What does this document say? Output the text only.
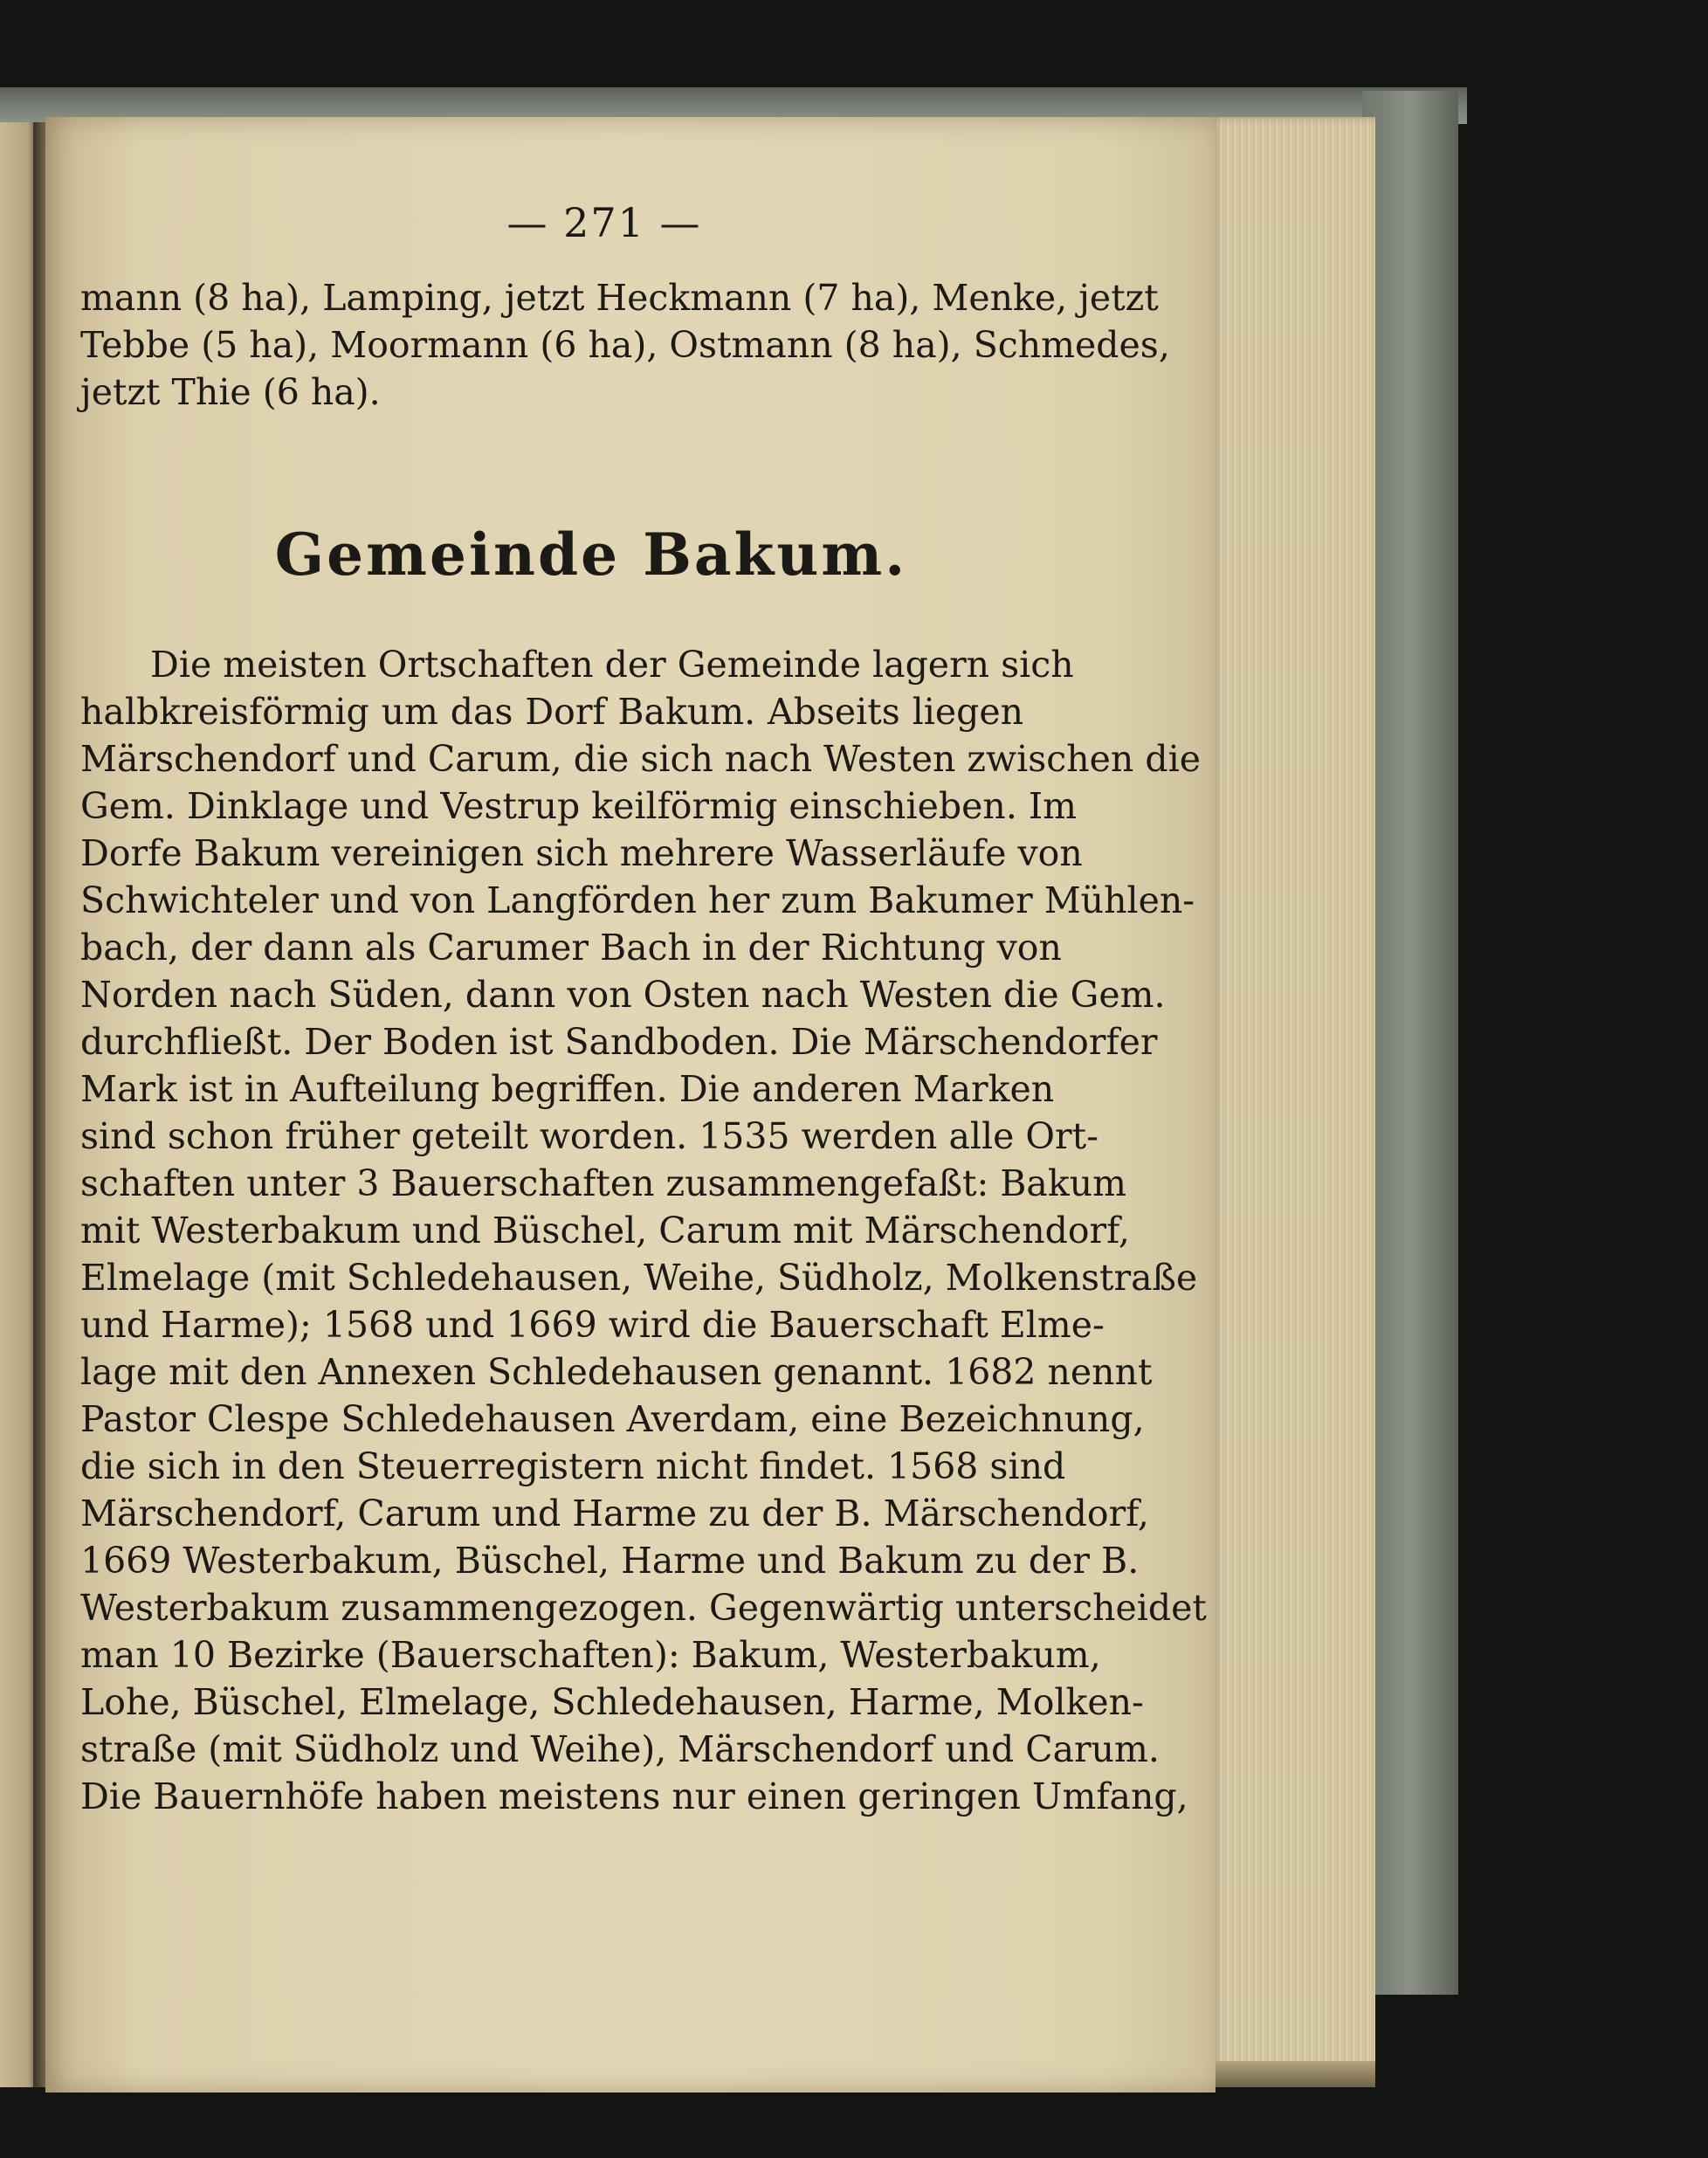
— 271 —
mann (8 ha), Lamping, jetzt Heckmann (7 ha), Menke, jetzt
Tebbe (5 ha), Moormann (6 ha), Ostmann (8 ha), Schmedes,
jetzt Thie (6 ha).
Gemeinde Bakum.
Die meisten Ortschaften der Gemeinde lagern sich
halbkreisförmig um das Dorf Bakum. Abseits liegen
Märschendorf und Carum, die sich nach Westen zwischen die
Gem. Dinklage und Vestrup keilförmig einschieben. Im
Dorfe Bakum vereinigen sich mehrere Wasserläufe von
Schwichteler und von Langförden her zum Bakumer Mühlen-
bach, der dann als Carumer Bach in der Richtung von
Norden nach Süden, dann von Osten nach Westen die Gem.
durchfließt. Der Boden ist Sandboden. Die Märschendorfer
Mark ist in Aufteilung begriffen. Die anderen Marken
sind schon früher geteilt worden. 1535 werden alle Ort-
schaften unter 3 Bauerschaften zusammengefaßt: Bakum
mit Westerbakum und Büschel, Carum mit Märschendorf,
Elmelage (mit Schledehausen, Weihe, Südholz, Molkenstraße
und Harme); 1568 und 1669 wird die Bauerschaft Elme-
lage mit den Annexen Schledehausen genannt. 1682 nennt
Pastor Clespe Schledehausen Averdam, eine Bezeichnung,
die sich in den Steuerregistern nicht findet. 1568 sind
Märschendorf, Carum und Harme zu der B. Märschendorf,
1669 Westerbakum, Büschel, Harme und Bakum zu der B.
Westerbakum zusammengezogen. Gegenwärtig unterscheidet
man 10 Bezirke (Bauerschaften): Bakum, Westerbakum,
Lohe, Büschel, Elmelage, Schledehausen, Harme, Molken-
straße (mit Südholz und Weihe), Märschendorf und Carum.
Die Bauernhöfe haben meistens nur einen geringen Umfang,
